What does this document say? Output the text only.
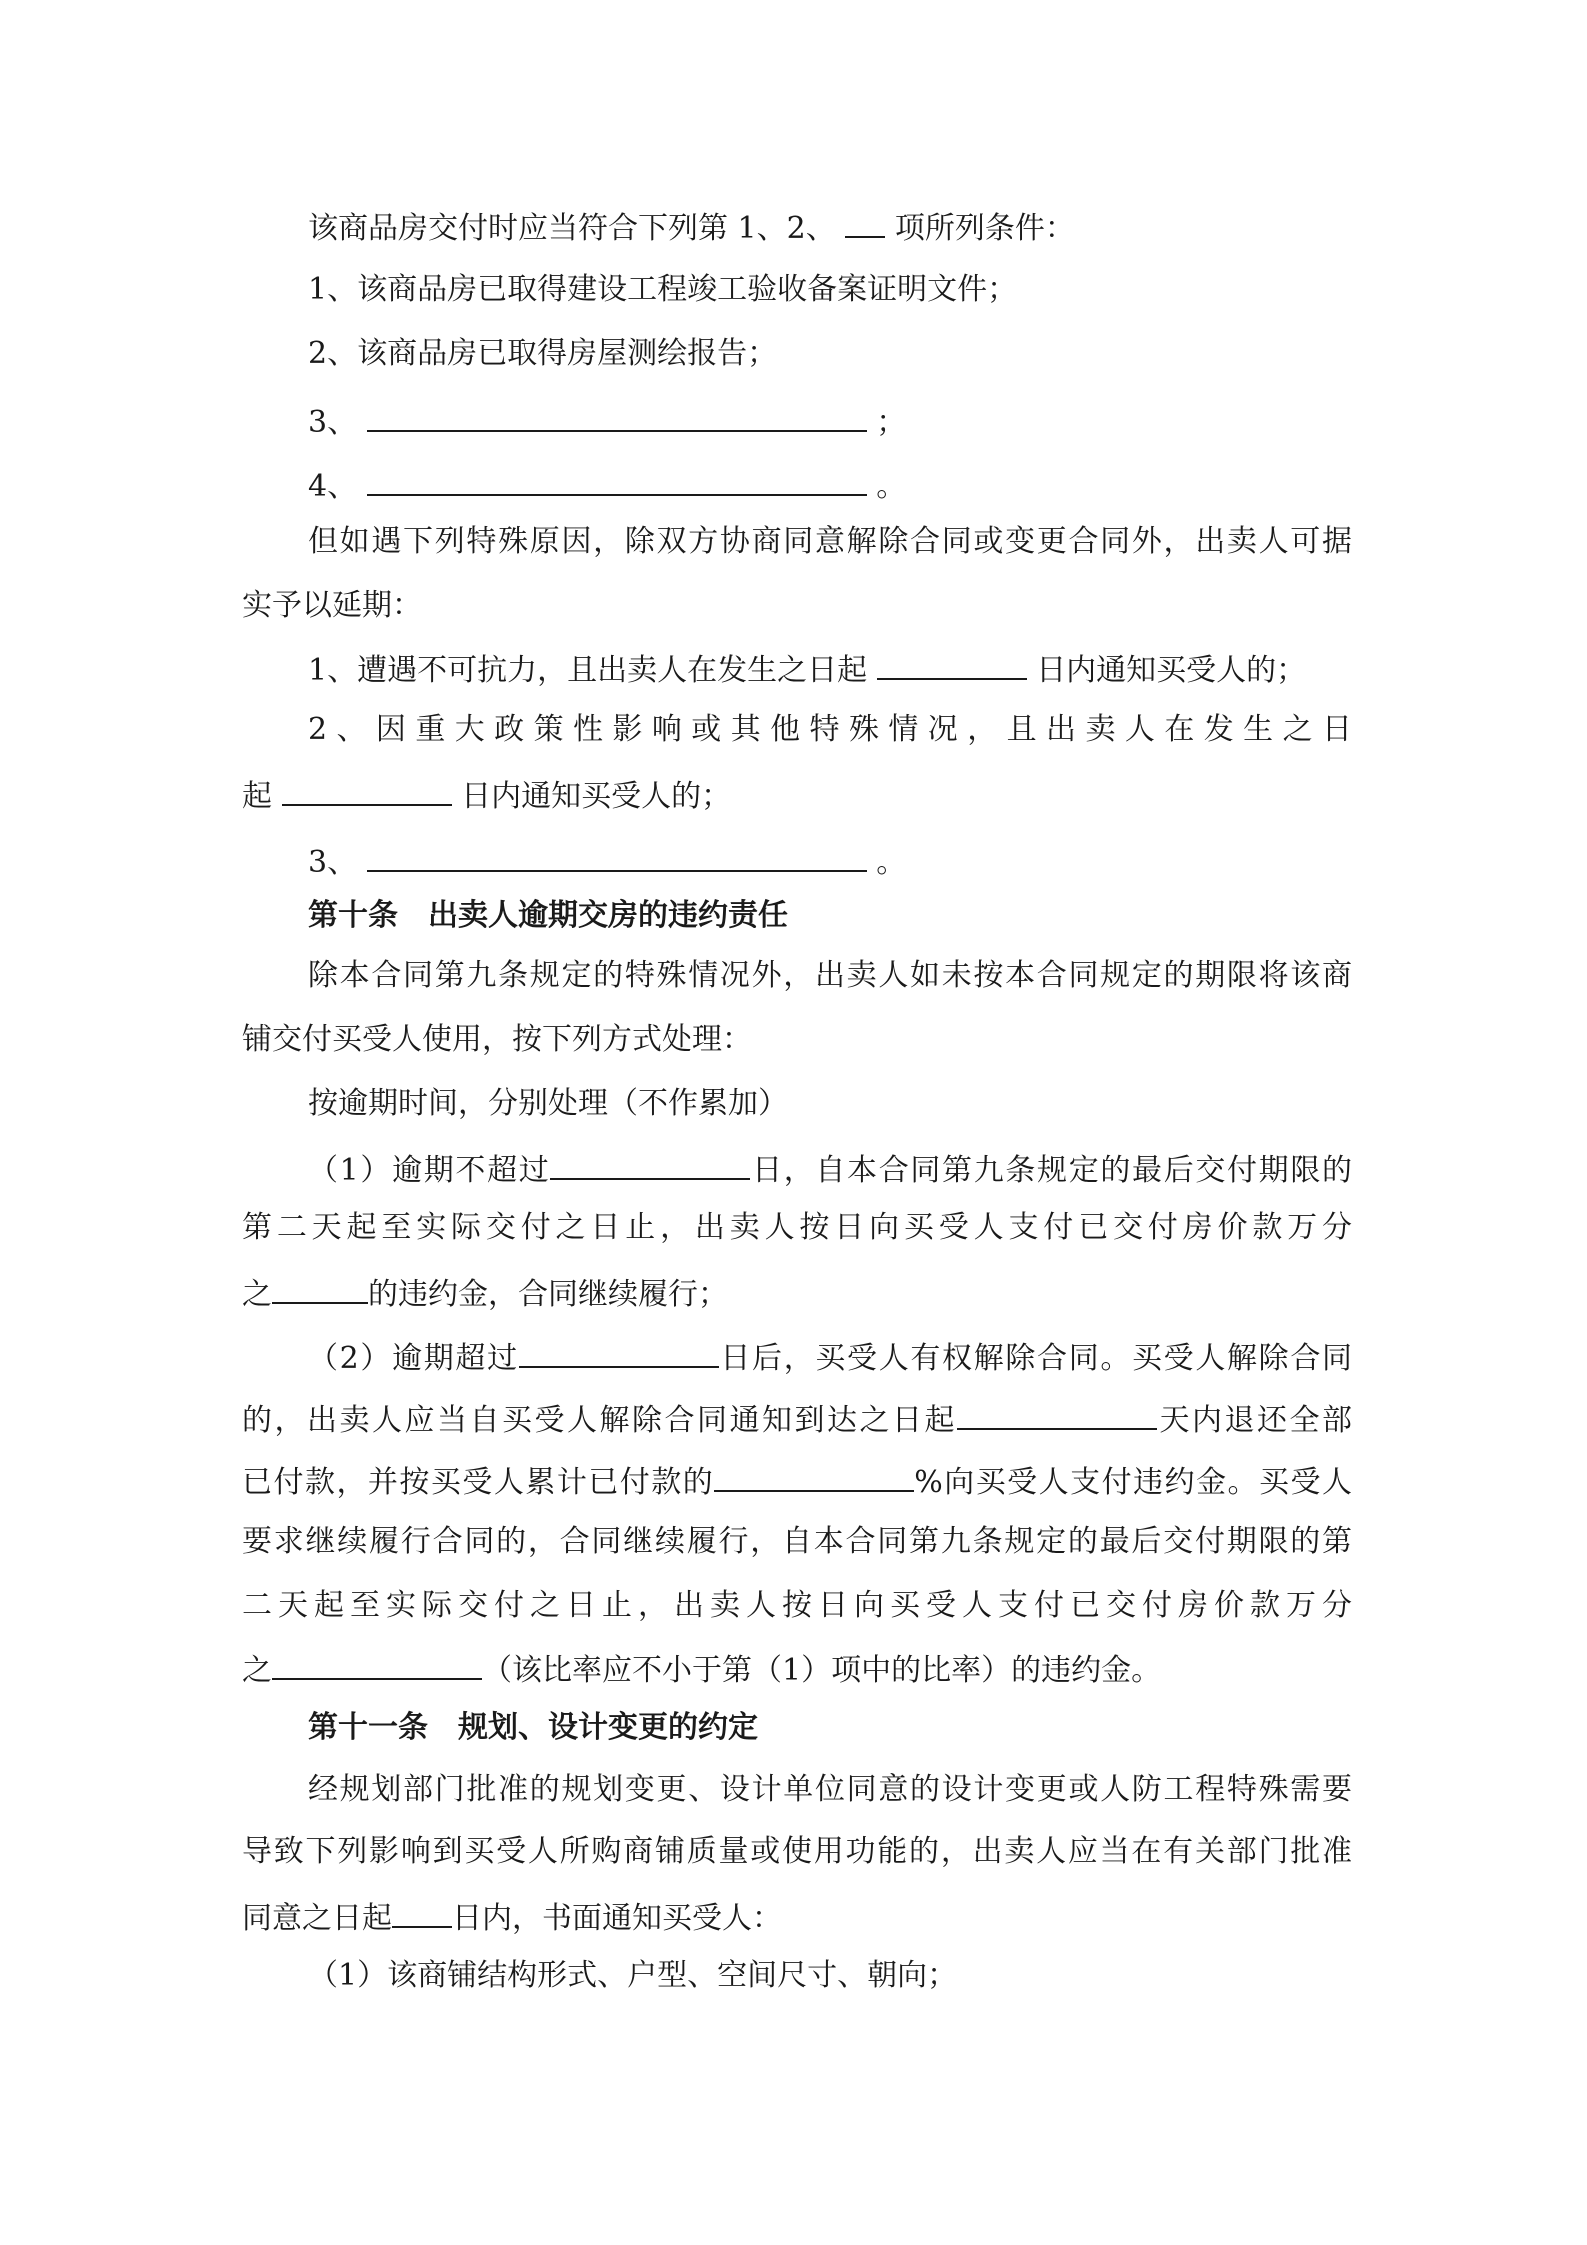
该商品房交付时应当符合下列第 1、2、 项所列条件：
1、该商品房已取得建设工程竣工验收备案证明文件；
2、该商品房已取得房屋测绘报告；
3、	；
4、	。

但如遇下列特殊原因，除双方协商同意解除合同或变更合同外，出卖人可据

实予以延期：
1、遭遇不可抗力，且出卖人在发生之日起	日内通知买受人的；

2、因重大政策性影响或其他特殊情况，且出卖人在发生之日

起	日内通知买受人的；
3、	。
第十条　出卖人逾期交房的违约责任

除本合同第九条规定的特殊情况外，出卖人如未按本合同规定的期限将该商

铺交付买受人使用，按下列方式处理：
按逾期时间，分别处理（不作累加）

（1）逾期不超过	日，自本合同第九条规定的最后交付期限的

第二天起至实际交付之日止，出卖人按日向买受人支付已交付房价款万分

之	的违约金，合同继续履行；

（2）逾期超过	日后，买受人有权解除合同。买受人解除合同

的，出卖人应当自买受人解除合同通知到达之日起	天内退还全部

已付款，并按买受人累计已付款的	%向买受人支付违约金。买受人

要求继续履行合同的，合同继续履行，自本合同第九条规定的最后交付期限的第

二天起至实际交付之日止，出卖人按日向买受人支付已交付房价款万分

之	（该比率应不小于第（1）项中的比率）的违约金。
第十一条　规划、设计变更的约定

经规划部门批准的规划变更、设计单位同意的设计变更或人防工程特殊需要

导致下列影响到买受人所购商铺质量或使用功能的，出卖人应当在有关部门批准

同意之日起 日内，书面通知买受人：
（1）该商铺结构形式、户型、空间尺寸、朝向；
